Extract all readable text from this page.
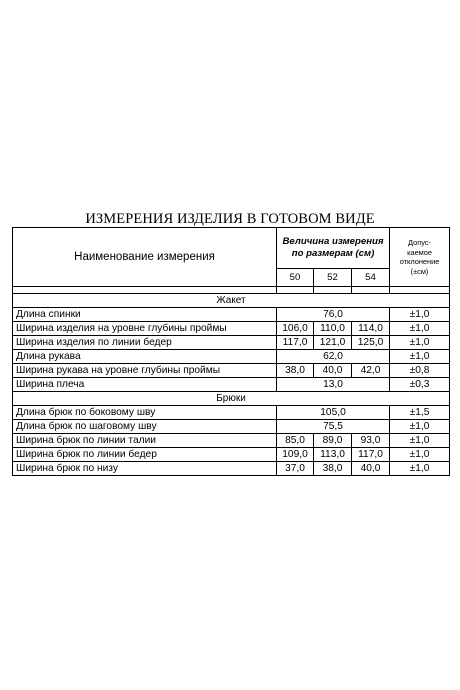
ИЗМЕРЕНИЯ ИЗДЕЛИЯ В ГОТОВОМ ВИДЕ
Наименование измерения	Величина измерения по размерам (см)			Допус-
каемое
отклонение
(±см)

	50	52	54	

Жакет				
Длина спинки	76,0			±1,0
Ширина изделия на уровне глубины проймы	106,0	110,0	114,0	±1,0
Ширина изделия по линии бедер	117,0	121,0	125,0	±1,0
Длина рукава	62,0			±1,0
Ширина рукава на уровне глубины проймы	38,0	40,0	42,0	±0,8
Ширина плеча	13,0			±0,3
Брюки				
Длина брюк по боковому шву	105,0			±1,5
Длина брюк по шаговому шву	75,5			±1,0
Ширина брюк по линии талии	85,0	89,0	93,0	±1,0
Ширина брюк по линии бедер	109,0	113,0	117,0	±1,0
Ширина брюк по низу	37,0	38,0	40,0	±1,0
